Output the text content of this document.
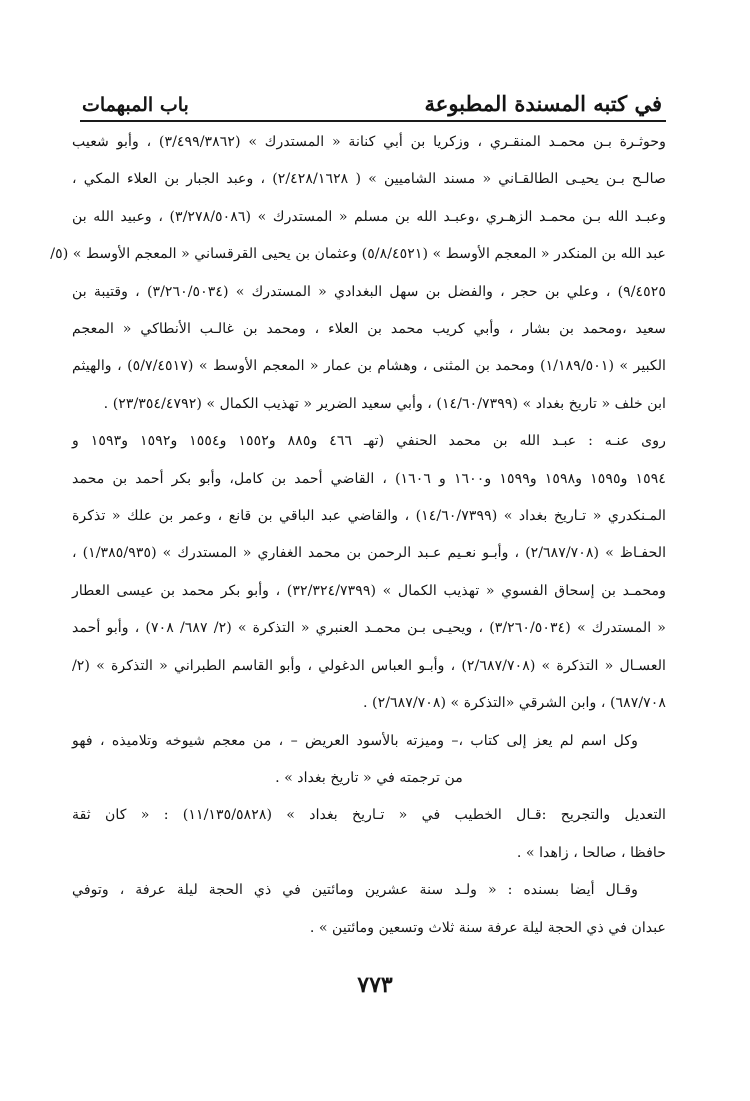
في كتبه المسندة المطبوعة
باب المبهمات
وحوثـرة بـن محمـد المنقـري ، وزكريا بن أبي كنانة « المستدرك » (٣/٤٩٩/٣٨٦٢) ، وأبو شعيب
صالـح بـن يحيـى الطالقـاني « مسند الشاميين » ( ٢/٤٢٨/١٦٢٨) ، وعبد الجبار بن العلاء المكي ،
وعبـد الله بـن محمـد الزهـري ،وعبـد الله بن مسلم « المستدرك » (٣/٢٧٨/٥٠٨٦) ، وعبيد الله بن
عبد الله بن المنكدر « المعجم الأوسط » (٥/٨/٤٥٢١) وعثمان بن يحيى القرقساني « المعجم الأوسط » (٥/
٩/٤٥٢٥) ، وعلي بن حجر ، والفضل بن سهل البغدادي « المستدرك » (٣/٢٦٠/٥٠٣٤) ، وقتيبة بن
سعيد ،ومحمد بن بشار ، وأبي كريب محمد بن العلاء ، ومحمد بن غالـب الأنطاكي « المعجم
الكبير » (١/١٨٩/٥٠١) ومحمد بن المثنى ، وهشام بن عمار « المعجم الأوسط » (٥/٧/٤٥١٧) ، والهيثم
ابن خلف « تاريخ بغداد » (١٤/٦٠/٧٣٩٩) ، وأبي سعيد الضرير « تهذيب الكمال » (٢٣/٣٥٤/٤٧٩٢) .
روى عنـه : عبـد الله بن محمد الحنفي (تهـ ٤٦٦ و٨٨٥ و١٥٥٢ و١٥٥٤ و١٥٩٢ و١٥٩٣ و
١٥٩٤ و١٥٩٥ و١٥٩٨ و١٥٩٩ و١٦٠٠ و ١٦٠٦) ، القاضي أحمد بن كامل، وأبو بكر أحمد بن محمد
المـنكدري « تـاريخ بغداد » (١٤/٦٠/٧٣٩٩) ، والقاضي عبد الباقي بن قانع ، وعمر بن علك « تذكرة
الحفـاظ » (٢/٦٨٧/٧٠٨) ، وأبـو نعـيم عـبد الرحمن بن محمد الغفاري « المستدرك » (١/٣٨٥/٩٣٥) ،
ومحمـد بن إسحاق الفسوي « تهذيب الكمال » (٣٢/٣٢٤/٧٣٩٩) ، وأبو بكر محمد بن عيسى العطار
« المستدرك » (٣/٢٦٠/٥٠٣٤) ، ويحيـى بـن محمـد العنبري « التذكرة » (٢/ ٦٨٧/ ٧٠٨) ، وأبو أحمد
العسـال « التذكرة » (٢/٦٨٧/٧٠٨) ، وأبـو العباس الدغولي ، وأبو القاسم الطبراني « التذكرة » (٢/
٦٨٧/٧٠٨) ، وابن الشرقي «التذكرة » (٢/٦٨٧/٧٠٨) .
وكل اسم لم يعز إلى كتاب ،– وميزته بالأسود العريض – ، من معجم شيوخه وتلاميذه ، فهو
من ترجمته في « تاريخ بغداد » .
التعديل والتجريح :قـال الخطيب في « تـاريخ بغداد » (١١/١٣٥/٥٨٢٨) : « كان ثقة
حافظا ، صالحا ، زاهدا » .
وقـال أيضا بسنده : « ولـد سنة عشرين ومائتين في ذي الحجة ليلة عرفة ، وتوفي
عبدان في ذي الحجة ليلة عرفة سنة ثلاث وتسعين ومائتين » .
٧٧٣
